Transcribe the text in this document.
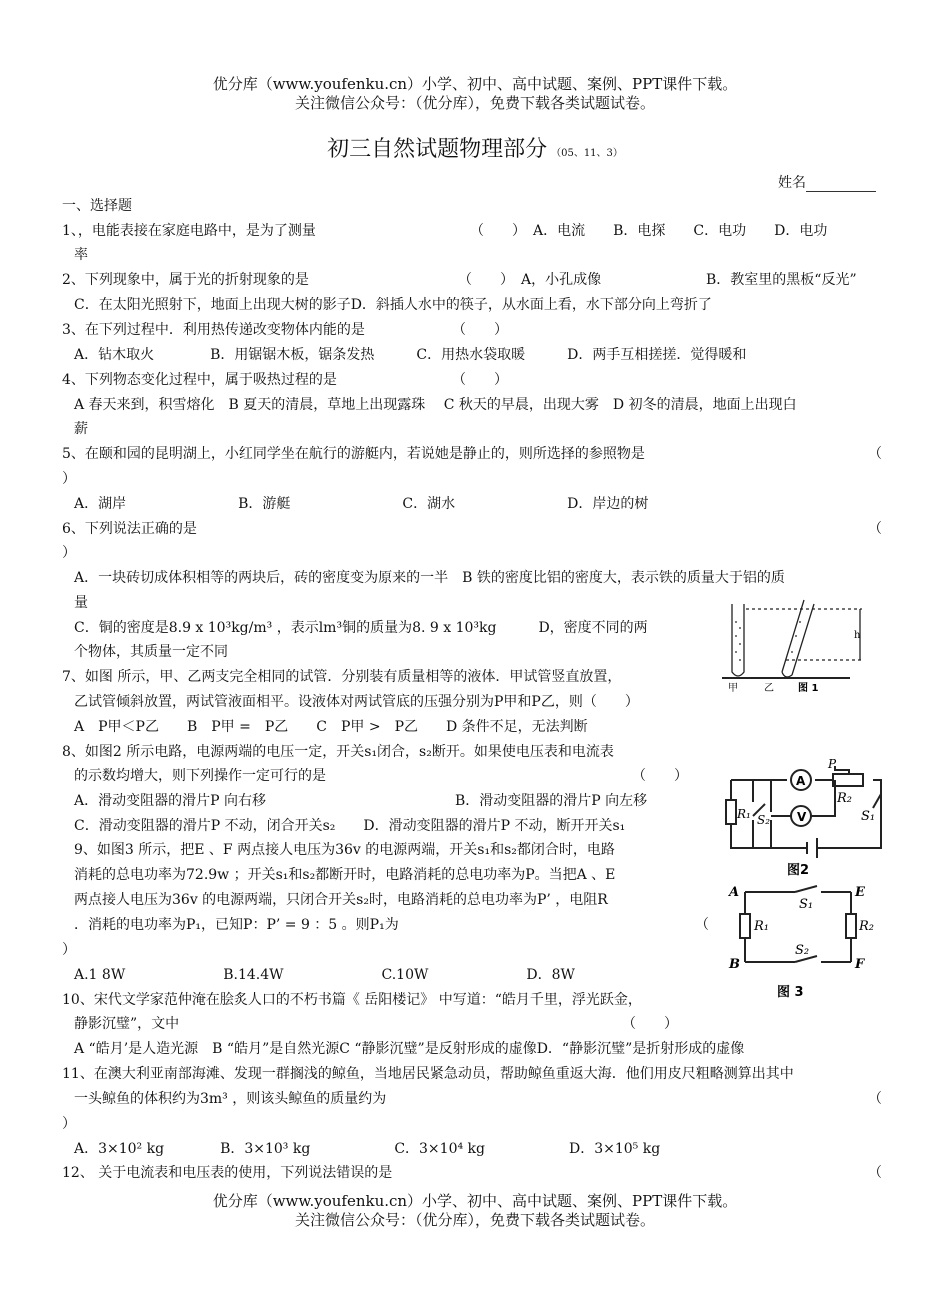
优分库（www.youfenku.cn）小学、初中、高中试题、案例、PPT课件下载。
关注微信公众号：（优分库），免费下载各类试题试卷。
初三自然试题物理部分 （05、11、3）
姓名
一、选择题
1、，电能表接在家庭电路中，是为了测量	（　　）　A．电流　　B．电探　　C．电功　　D．电功
率
2、下列现象中，属于光的折射现象的是	（　　）　A，小孔成像	B．教室里的黑板“反光”
C．在太阳光照射下，地面上出现大树的影子D．斜插人水中的筷子，从水面上看，水下部分向上弯折了
3、在下列过程中．利用热传递改变物体内能的是	（　　）
A．钻木取火　　　　B．用锯锯木板，锯条发热　　　C．用热水袋取暖　　　D．两手互相搓搓．觉得暖和
4、下列物态变化过程中，属于吸热过程的是	（　　）
A 春天来到，积雪熔化　B 夏天的清晨，草地上出现露珠　 C 秋天的早晨，出现大雾　D 初冬的清晨，地面上出现白
薪
5、在颐和园的昆明湖上，小红同学坐在航行的游艇内，若说她是静止的，则所选择的参照物是	（
）
A．湖岸　　　　　　　　B．游艇　　　　　　　　C．湖水　　　　　　　　D．岸边的树
6、下列说法正确的是	（
）
A．一块砖切成体积相等的两块后，砖的密度变为原来的一半　B 铁的密度比铝的密度大，表示铁的质量大于铝的质
量
C．铜的密度是8.9 x 10³kg/m³ ，表示lm³铜的质量为8. 9 x 10³kg　　　D，密度不同的两
个物体，其质量一定不同
7、如图 所示，甲、乙两支完全相同的试管．分别装有质量相等的液体．甲试管竖直放置，
乙试管倾斜放置，两试管液面相平。设液体对两试管底的压强分别为P甲和P乙，则（　　）
A　P甲＜P乙　　B　P甲 =　P乙　　C　P甲 >　P乙　　D 条件不足，无法判断
8、如图2 所示电路，电源两端的电压一定，开关s₁闭合，s₂断开。如果使电压表和电流表
的示数均增大，则下列操作一定可行的是	（　　）
A．滑动变阻器的滑片P 向右移	B．滑动变阻器的滑片P 向左移
C．滑动变阻器的滑片P 不动，闭合开关s₂　　D．滑动变阻器的滑片P 不动，断开开关s₁
9、如图3 所示，把E 、F 两点接人电压为36v 的电源两端，开关s₁和s₂都闭合时，电路
消耗的总电功率为72.9w ；开关s₁和s₂都断开时，电路消耗的总电功率为P。当把A 、E
两点接人电压为36v 的电源两端，只闭合开关s₂时，电路消耗的总电功率为P’ ，电阻R
．消耗的电功率为P₁，已知P：P’ = 9 ：5 。则P₁为	（
）
A.1 8W　　　　　　　B.14.4W　　　　　　　C.10W　　　　　　　D．8W
10、宋代文学家范仲淹在脍炙人口的不朽书篇《 岳阳楼记》 中写道：“皓月千里，浮光跃金，
静影沉璧”，文中	（　　）
A “皓月’是人造光源　B “皓月”是自然光源C “静影沉璧”是反射形成的虚像D．“静影沉璧”是折射形成的虚像
11、在澳大利亚南部海滩、发现一群搁浅的鲸鱼，当地居民紧急动员，帮助鲸鱼重返大海．他们用皮尺粗略测算出其中
一头鲸鱼的体积约为3m³ ，则该头鲸鱼的质量约为	（
）
A．3×10² kg　　　　B．3×10³ kg　　　　　　C．3×10⁴ kg　　　　　　D．3×10⁵ kg
12、 关于电流表和电压表的使用，下列说法错误的是	（
优分库（www.youfenku.cn）小学、初中、高中试题、案例、PPT课件下载。
关注微信公众号：（优分库），免费下载各类试题试卷。
h
甲	乙 图 1
A
V
P
R₂
R₁ S₂	S₁
图2
A
B
E
F
R₁	R₂
S₁
S₂
图 3
